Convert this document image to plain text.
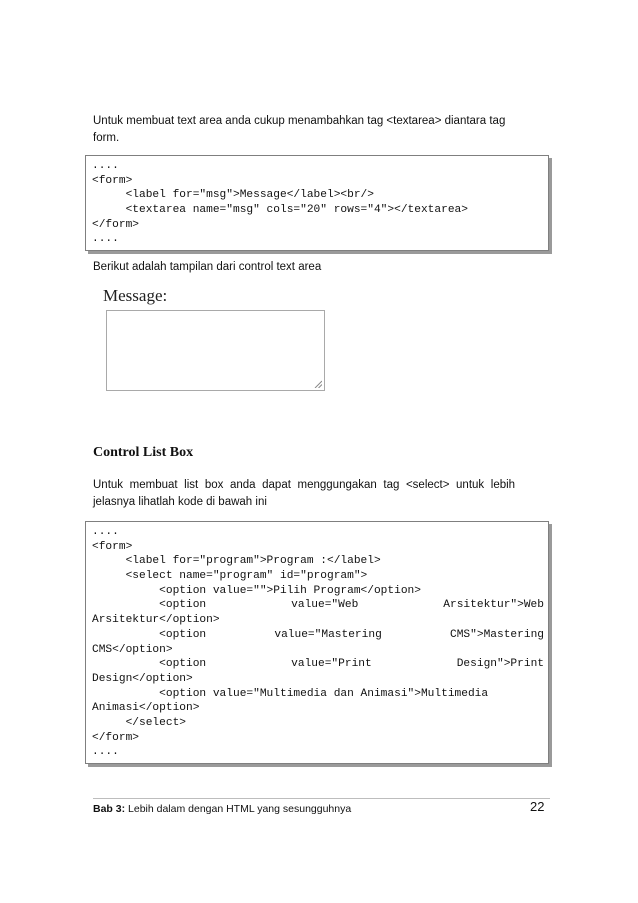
Untuk membuat text area anda cukup menambahkan tag <textarea> diantara tag
form.
....
<form>
<label for="msg">Message</label><br/>
<textarea name="msg" cols="20" rows="4"></textarea>
</form>
....
Berikut adalah tampilan dari control text area
Message:
Control List Box
Untuk membuat list box anda dapat menggungakan tag <select> untuk lebih
jelasnya lihatlah kode di bawah ini
....
<form>
<label for="program">Program :</label>
<select name="program" id="program">
<option value="">Pilih Program</option>
<option	value="Web	Arsitektur">Web
Arsitektur</option>
<option	value="Mastering	CMS">Mastering
CMS</option>
<option	value="Print	Design">Print
Design</option>
<option value="Multimedia dan Animasi">Multimedia
Animasi</option>
</select>
</form>
....
Bab 3: Lebih dalam dengan HTML yang sesungguhnya	22
